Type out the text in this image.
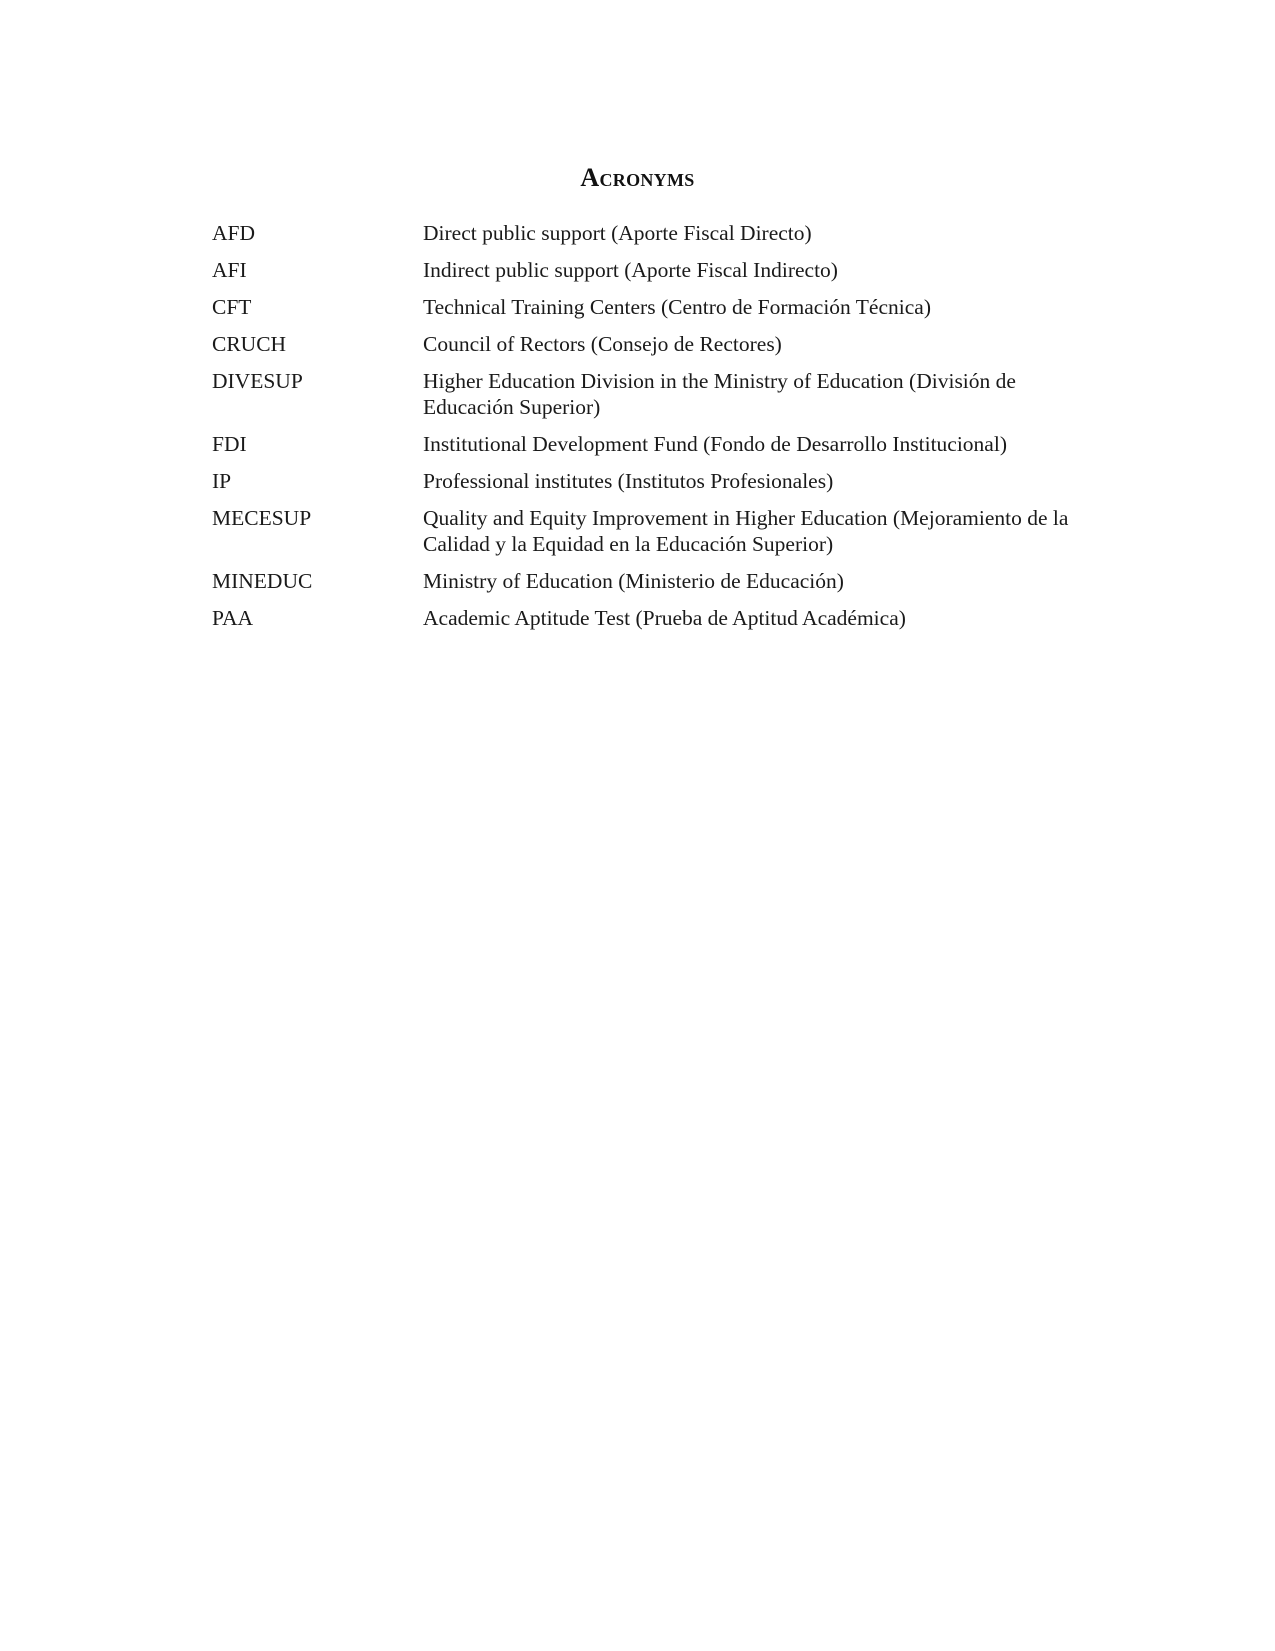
Acronyms
AFD	Direct public support (Aporte Fiscal Directo)
AFI	Indirect public support (Aporte Fiscal Indirecto)
CFT	Technical Training Centers (Centro de Formación Técnica)
CRUCH	Council of Rectors (Consejo de Rectores)
DIVESUP	Higher Education Division in the Ministry of Education (División de Educación Superior)
FDI	Institutional Development Fund (Fondo de Desarrollo Institucional)
IP	Professional institutes (Institutos Profesionales)
MECESUP	Quality and Equity Improvement in Higher Education (Mejoramiento de la Calidad y la Equidad en la Educación Superior)
MINEDUC	Ministry of Education (Ministerio de Educación)
PAA	Academic Aptitude Test (Prueba de Aptitud Académica)
